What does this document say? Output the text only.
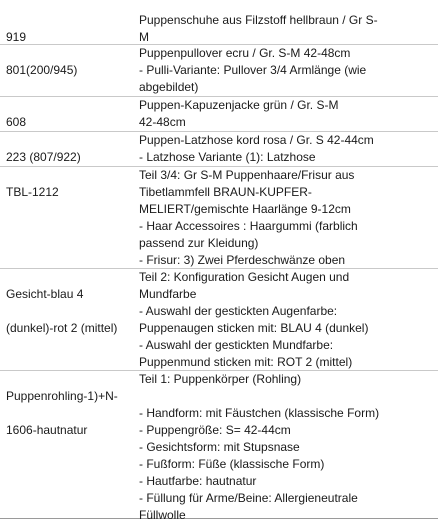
919

Puppenschuhe aus Filzstoff hellbraun / Gr S-
M

801(200/945)

Puppenpullover ecru / Gr. S-M 42-48cm
- Pulli-Variante: Pullover 3/4 Armlänge (wie
abgebildet)

608

Puppen-Kapuzenjacke grün / Gr. S-M
42-48cm

223 (807/922)

Puppen-Latzhose kord rosa / Gr. S 42-44cm
- Latzhose Variante (1): Latzhose

TBL-1212

Teil 3/4: Gr S-M Puppenhaare/Frisur aus
Tibetlammfell BRAUN-KUPFER-
MELIERT/gemischte Haarlänge 9-12cm
- Haar Accessoires : Haargummi (farblich
passend zur Kleidung)
- Frisur: 3) Zwei Pferdeschwänze oben

Gesicht-blau 4

(dunkel)-rot 2 (mittel)

Teil 2: Konfiguration Gesicht Augen und
Mundfarbe
- Auswahl der gestickten Augenfarbe:
Puppenaugen sticken mit: BLAU 4 (dunkel)
- Auswahl der gestickten Mundfarbe:
Puppenmund sticken mit: ROT 2 (mittel)

Puppenrohling-1)+N-

1606-hautnatur

Teil 1: Puppenkörper (Rohling)
- Handform: mit Fäustchen (klassische Form)
- Puppengröße: S= 42-44cm
- Gesichtsform: mit Stupsnase
- Fußform: Füße (klassische Form)
- Hautfarbe: hautnatur
- Füllung für Arme/Beine: Allergieneutrale
Füllwolle
